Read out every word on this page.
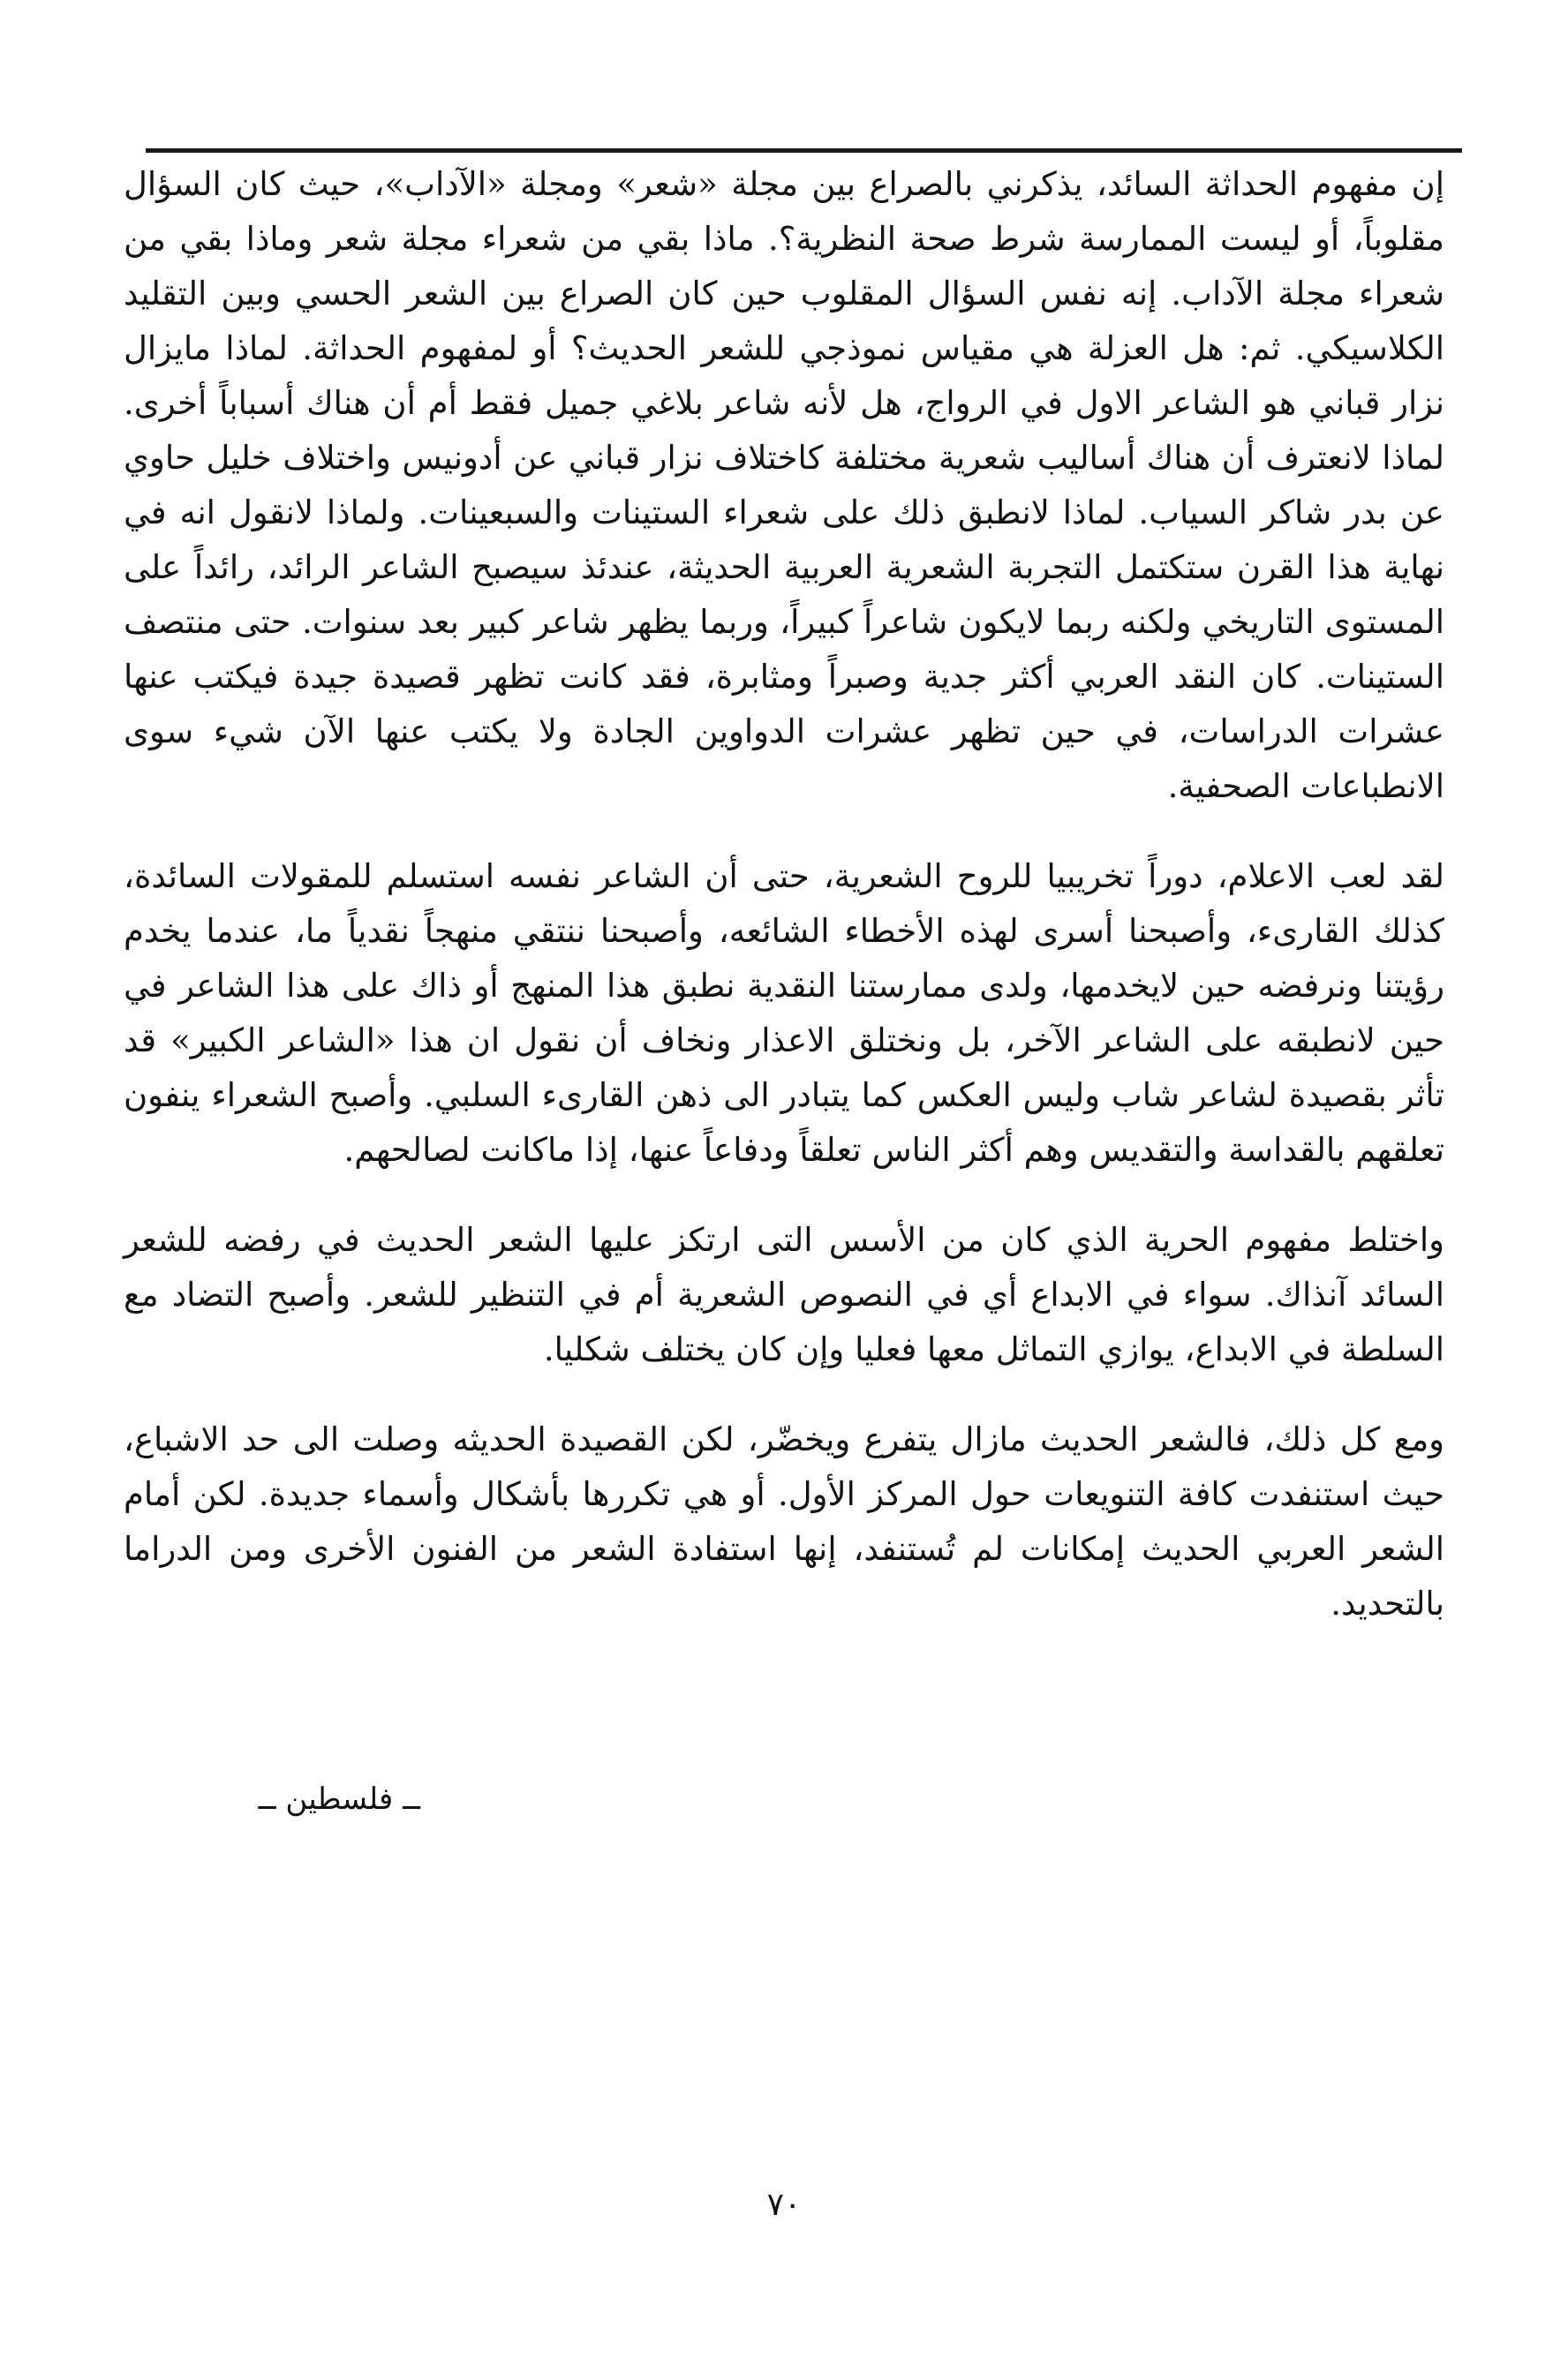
إن مفهوم الحداثة السائد، يذكرني بالصراع بين مجلة «شعر» ومجلة «الآداب»، حيث كان السؤال مقلوباً، أو ليست الممارسة شرط صحة النظرية؟. ماذا بقي من شعراء مجلة شعر وماذا بقي من شعراء مجلة الآداب. إنه نفس السؤال المقلوب حين كان الصراع بين الشعر الحسي وبين التقليد الكلاسيكي. ثم: هل العزلة هي مقياس نموذجي للشعر الحديث؟ أو لمفهوم الحداثة. لماذا مايزال نزار قباني هو الشاعر الاول في الرواج، هل لأنه شاعر بلاغي جميل فقط أم أن هناك أسباباً أخرى. لماذا لانعترف أن هناك أساليب شعرية مختلفة كاختلاف نزار قباني عن أدونيس واختلاف خليل حاوي عن بدر شاكر السياب. لماذا لانطبق ذلك على شعراء الستينات والسبعينات. ولماذا لانقول انه في نهاية هذا القرن ستكتمل التجربة الشعرية العربية الحديثة، عندئذ سيصبح الشاعر الرائد، رائداً على المستوى التاريخي ولكنه ربما لايكون شاعراً كبيراً، وربما يظهر شاعر كبير بعد سنوات. حتى منتصف الستينات. كان النقد العربي أكثر جدية وصبراً ومثابرة، فقد كانت تظهر قصيدة جيدة فيكتب عنها عشرات الدراسات، في حين تظهر عشرات الدواوين الجادة ولا يكتب عنها الآن شيء سوى الانطباعات الصحفية.

لقد لعب الاعلام، دوراً تخريبيا للروح الشعرية، حتى أن الشاعر نفسه استسلم للمقولات السائدة، كذلك القارىء، وأصبحنا أسرى لهذه الأخطاء الشائعه، وأصبحنا ننتقي منهجاً نقدياً ما، عندما يخدم رؤيتنا ونرفضه حين لايخدمها، ولدى ممارستنا النقدية نطبق هذا المنهج أو ذاك على هذا الشاعر في حين لانطبقه على الشاعر الآخر، بل ونختلق الاعذار ونخاف أن نقول ان هذا «الشاعر الكبير» قد تأثر بقصيدة لشاعر شاب وليس العكس كما يتبادر الى ذهن القارىء السلبي. وأصبح الشعراء ينفون تعلقهم بالقداسة والتقديس وهم أكثر الناس تعلقاً ودفاعاً عنها، إذا ماكانت لصالحهم.

واختلط مفهوم الحرية الذي كان من الأسس التى ارتكز عليها الشعر الحديث في رفضه للشعر السائد آنذاك. سواء في الابداع أي في النصوص الشعرية أم في التنظير للشعر. وأصبح التضاد مع السلطة في الابداع، يوازي التماثل معها فعليا وإن كان يختلف شكليا.

ومع كل ذلك، فالشعر الحديث مازال يتفرع ويخضّر، لكن القصيدة الحديثه وصلت الى حد الاشباع، حيث استنفدت كافة التنويعات حول المركز الأول. أو هي تكررها بأشكال وأسماء جديدة. لكن أمام الشعر العربي الحديث إمكانات لم تُستنفد، إنها استفادة الشعر من الفنون الأخرى ومن الدراما بالتحديد.

ــ فلسطين ــ
٧٠
